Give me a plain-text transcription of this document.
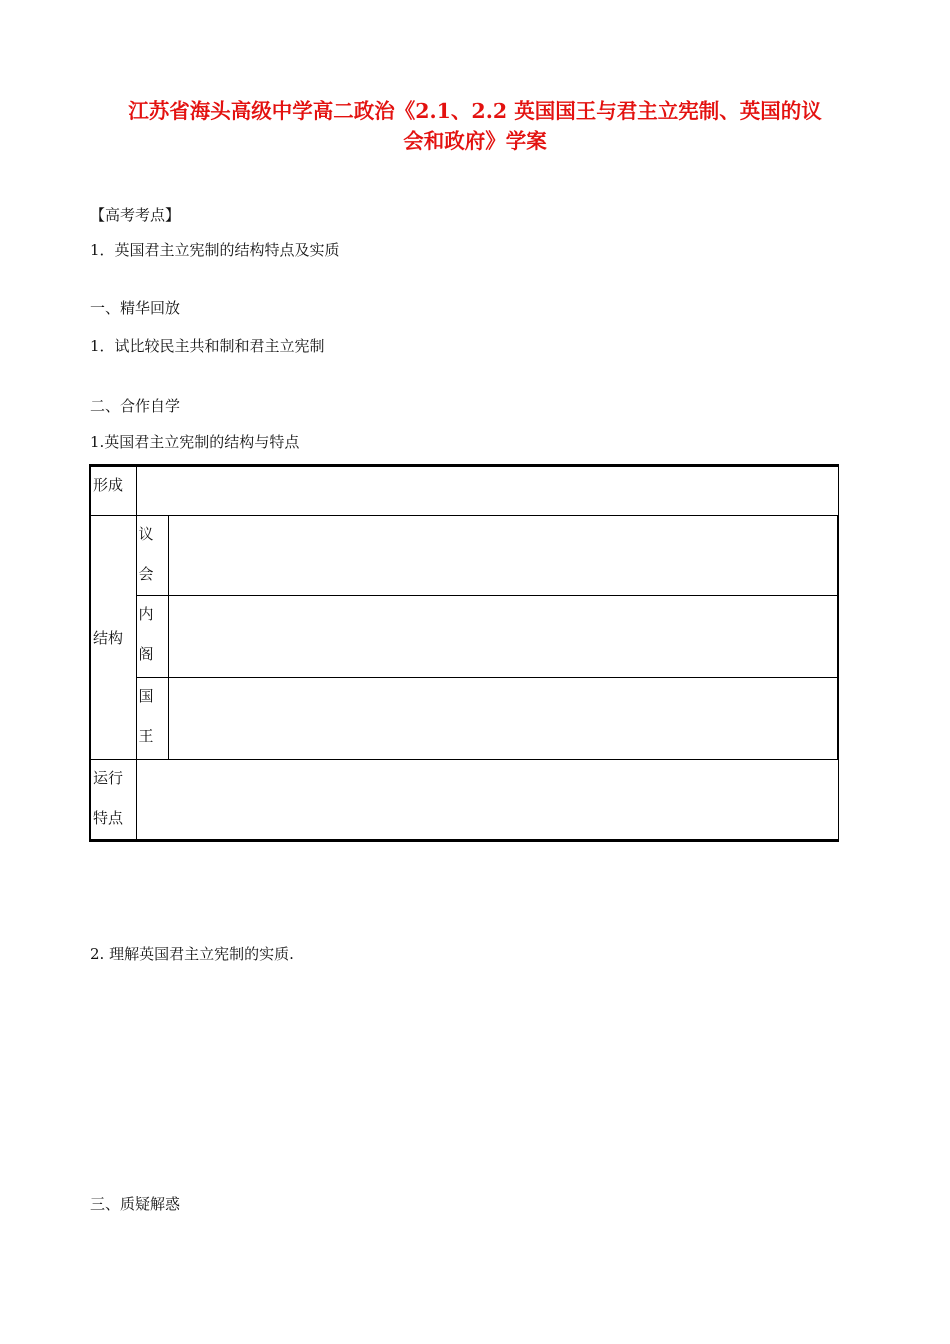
江苏省海头高级中学高二政治《2.1、2.2 英国国王与君主立宪制、英国的议
会和政府》学案
【高考考点】
1．英国君主立宪制的结构特点及实质
一、精华回放
1．试比较民主共和制和君主立宪制
二、合作自学
1.英国君主立宪制的结构与特点
形成		

结构	议
会	

	内
阁	

	国
王	

运行
特点		

2. 理解英国君主立宪制的实质.
三、质疑解惑
